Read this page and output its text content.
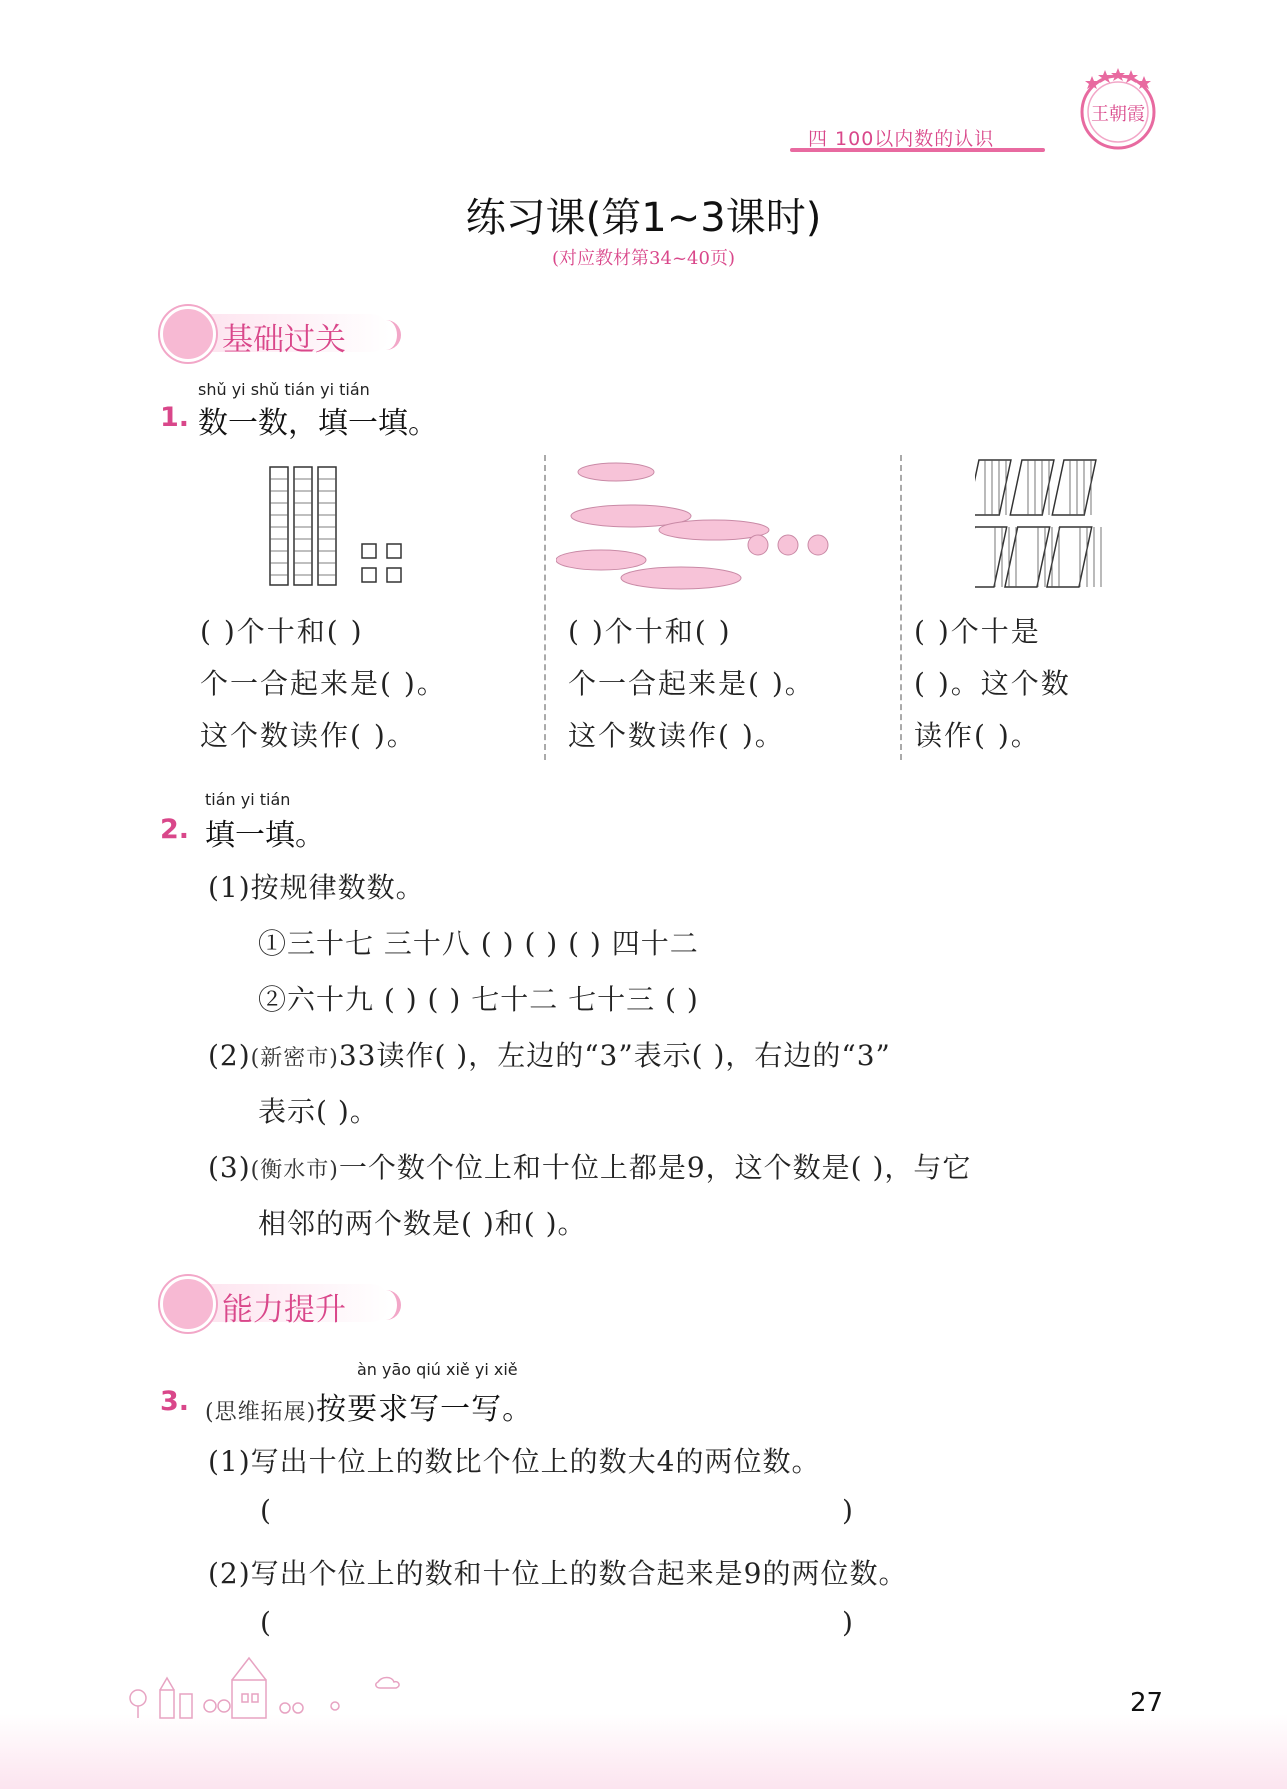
四 100以内数的认识
王朝霞
练习课(第1~3课时)
(对应教材第34~40页)
基础过关
shǔ yi shǔ tián yi tián
1. 数一数，填一填。
( )个十和( )
个一合起来是( )。
这个数读作( )。
( )个十和( )
个一合起来是( )。
这个数读作( )。
( )个十是
( )。这个数
读作( )。
tián yi tián
2. 填一填。
(1)按规律数数。
①三十七 三十八 ( ) ( ) ( ) 四十二
②六十九 ( ) ( ) 七十二 七十三 ( )
(2)(新密市)33读作( )，左边的“3”表示( )，右边的“3”
表示( )。
(3)(衡水市)一个数个位上和十位上都是9，这个数是( )，与它
相邻的两个数是( )和( )。
能力提升
àn yāo qiú xiě yi xiě
3. (思维拓展)按要求写一写。
(1)写出十位上的数比个位上的数大4的两位数。
(	)
(2)写出个位上的数和十位上的数合起来是9的两位数。
(	)
27
